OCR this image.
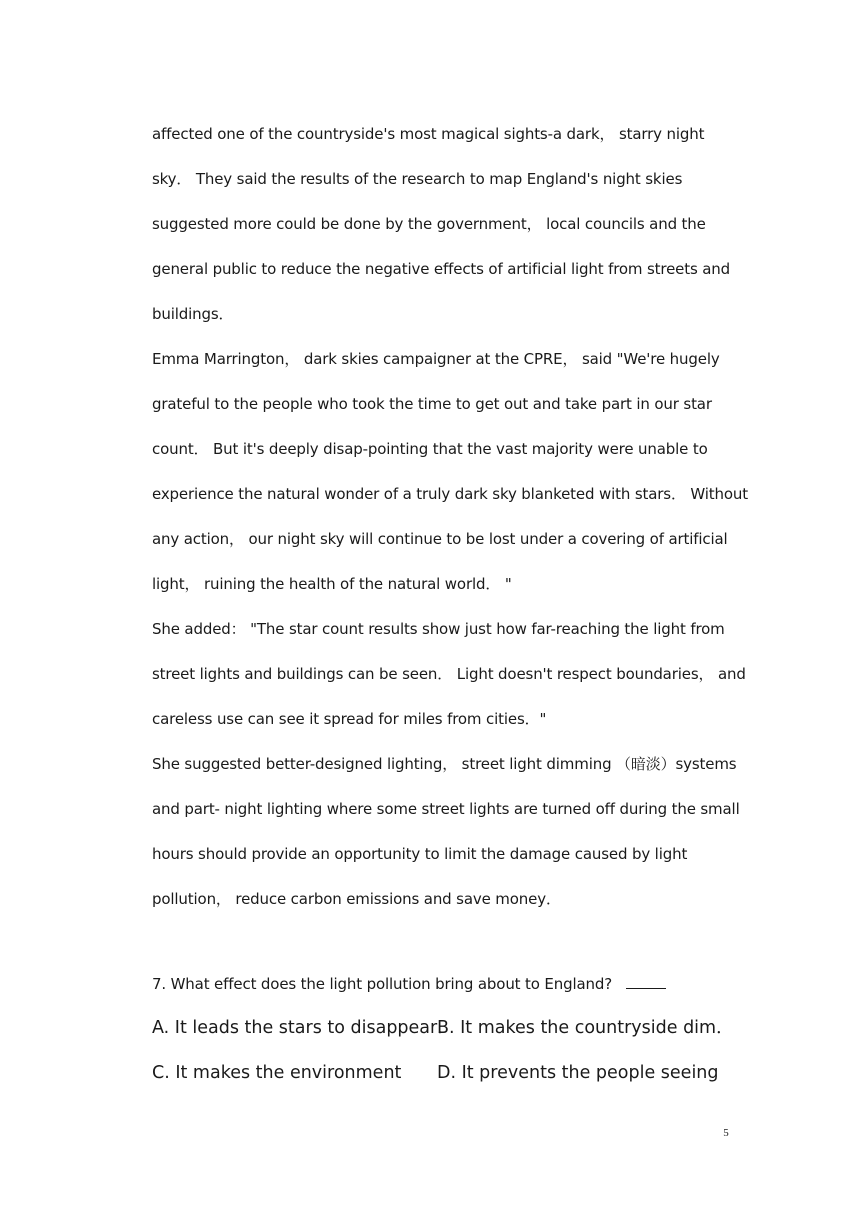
affected one of the countryside's most magical sights-a dark， starry night
sky． They said the results of the research to map England's night skies
suggested more could be done by the government， local councils and the
general public to reduce the negative effects of artificial light from streets and
buildings．
Emma Marrington， dark skies campaigner at the CPRE， said "We're hugely
grateful to the people who took the time to get out and take part in our star
count． But it's deeply disap-pointing that the vast majority were unable to
experience the natural wonder of a truly dark sky blanketed with stars． Without
any action， our night sky will continue to be lost under a covering of artificial
light， ruining the health of the natural world． "
She added： "The star count results show just how far-reaching the light from
street lights and buildings can be seen． Light doesn't respect boundaries， and
careless use can see it spread for miles from cities．"
She suggested better-designed lighting， street light dimming （暗淡）systems
and part- night lighting where some street lights are turned off during the small
hours should provide an opportunity to limit the damage caused by light
pollution， reduce carbon emissions and save money．
7. What effect does the light pollution bring about to England?
A. It leads the stars to disappear．B. It makes the countryside dim．
C. It makes the environment D. It prevents the people seeing
5
